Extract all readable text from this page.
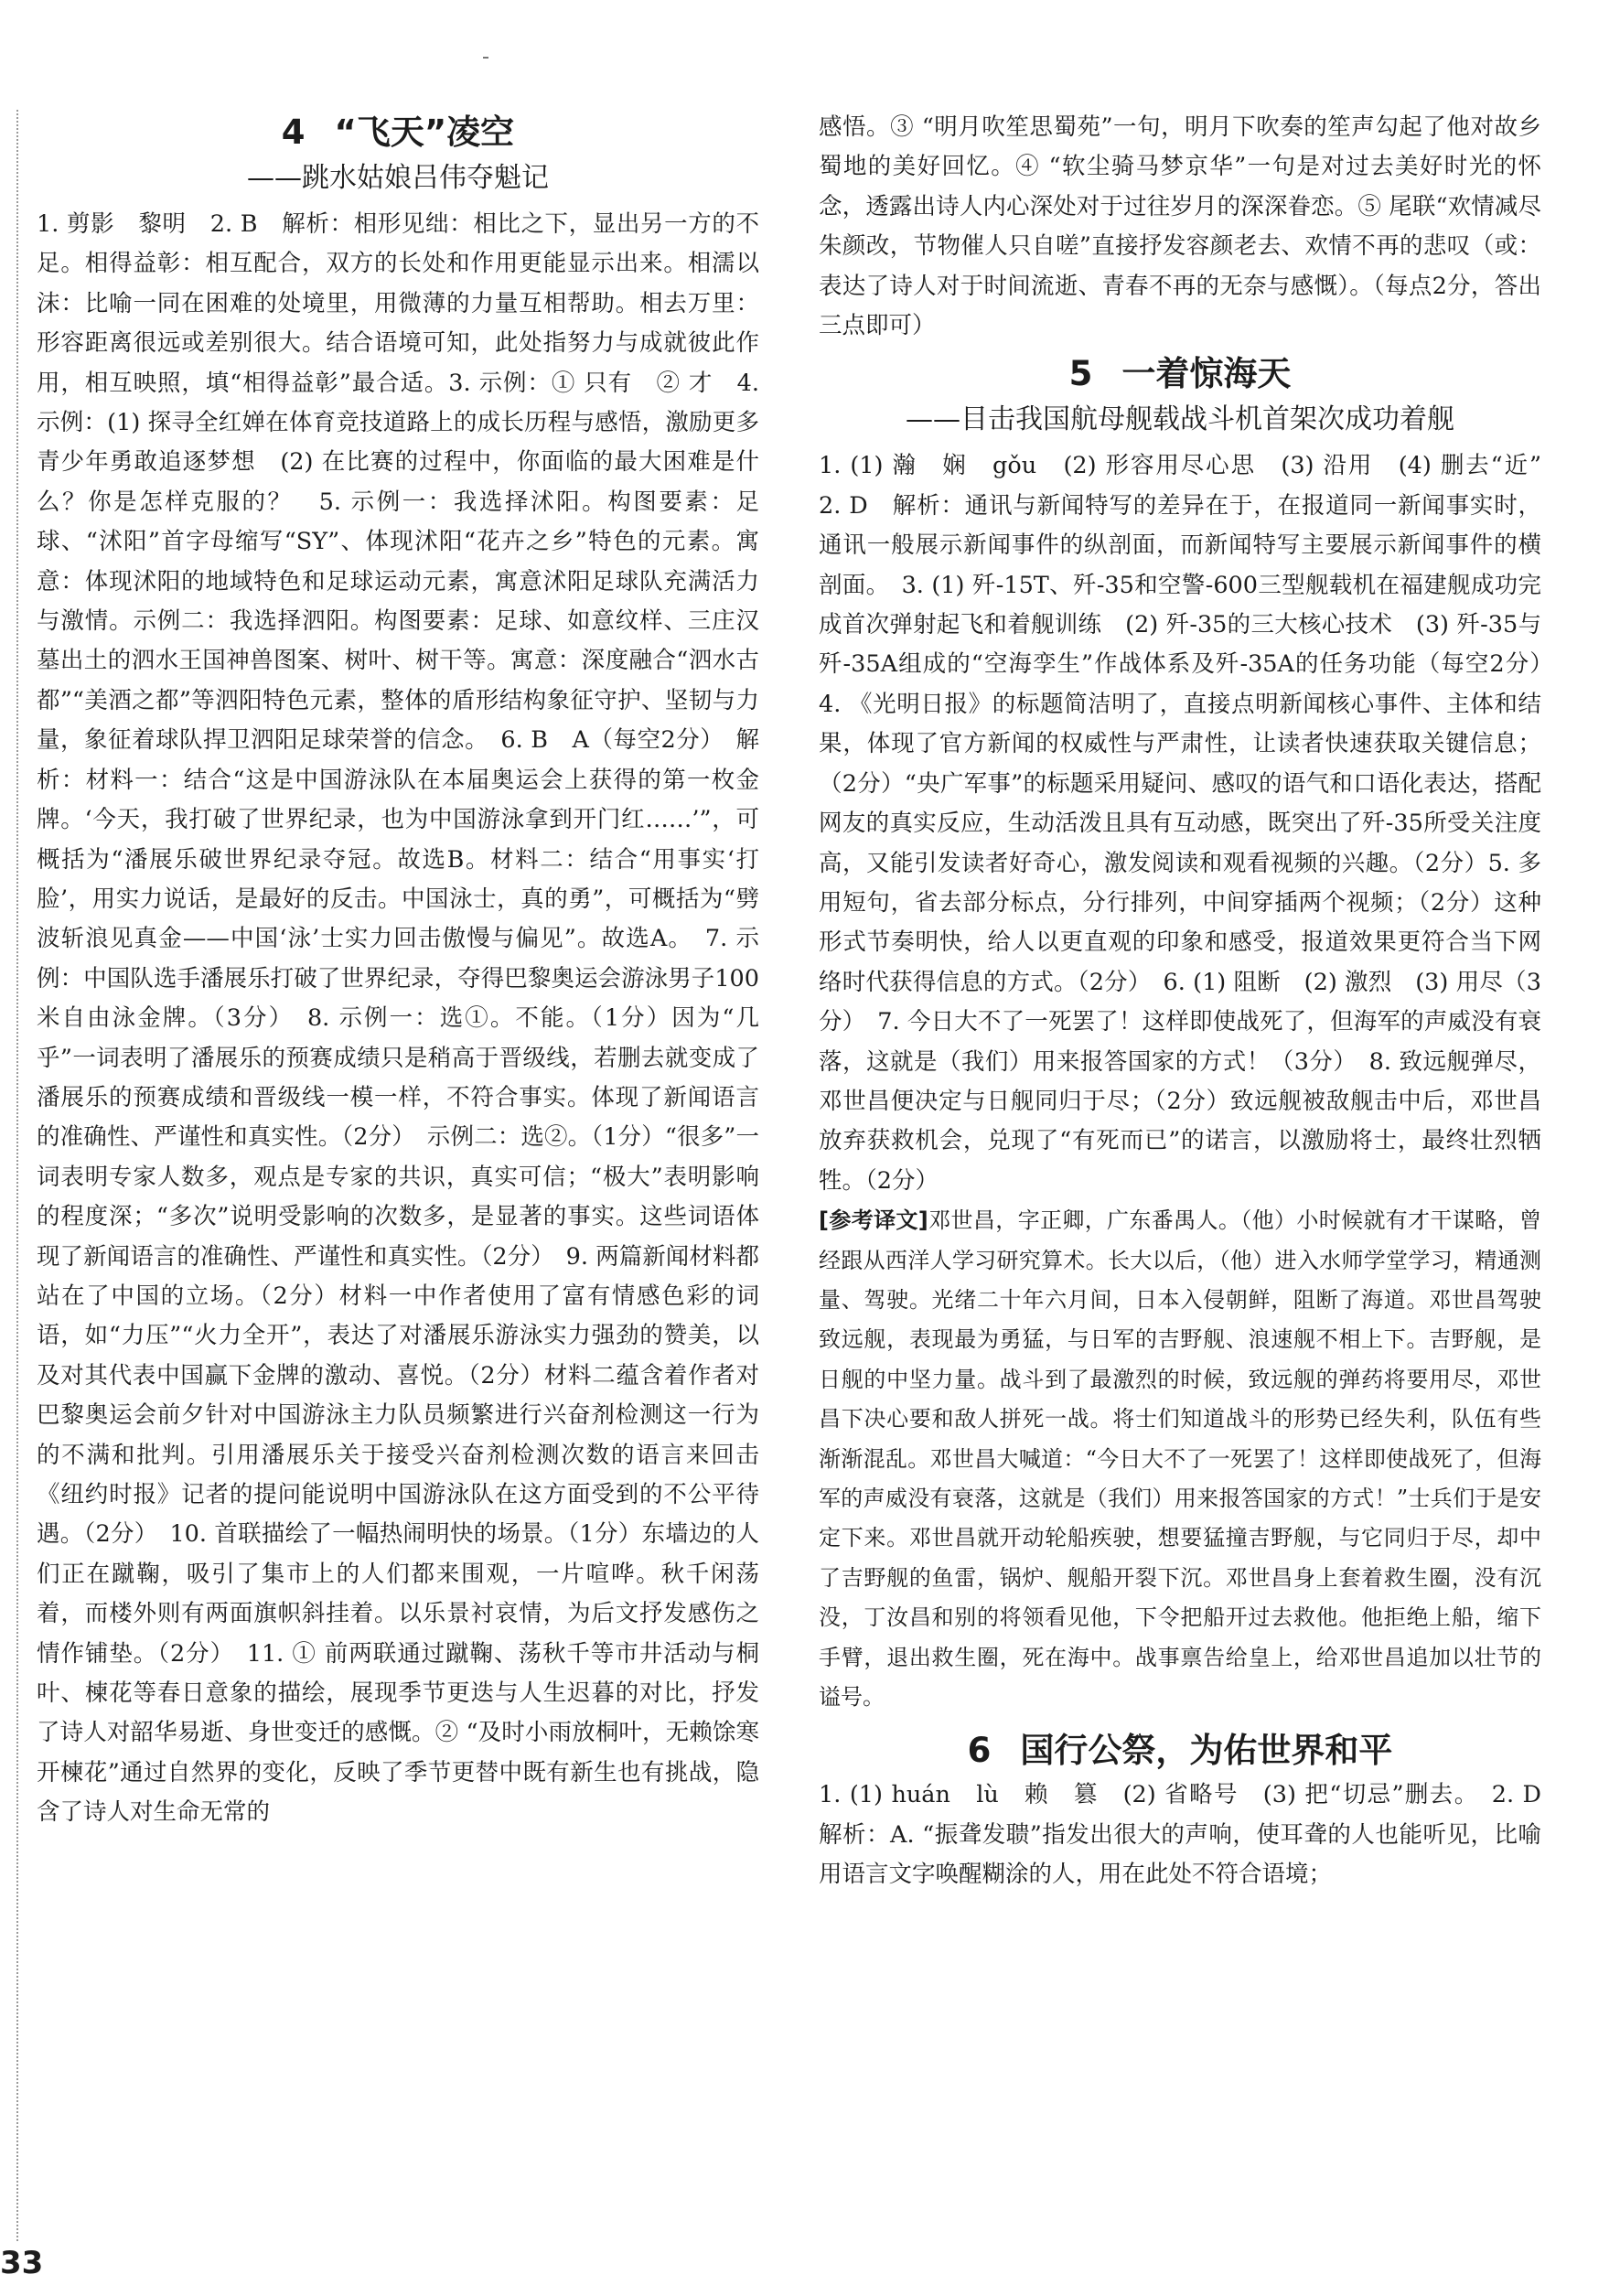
4 “飞天”凌空
——跳水姑娘吕伟夺魁记

1. 剪影　黎明　2. B　解析：相形见绌：相比之下，显出另一方的不足。相得益彰：相互配合，双方的长处和作用更能显示出来。相濡以沫：比喻一同在困难的处境里，用微薄的力量互相帮助。相去万里：形容距离很远或差别很大。结合语境可知，此处指努力与成就彼此作用，相互映照，填“相得益彰”最合适。3. 示例：① 只有　② 才　4. 示例：(1) 探寻全红婵在体育竞技道路上的成长历程与感悟，激励更多青少年勇敢追逐梦想　(2) 在比赛的过程中，你面临的最大困难是什么？你是怎样克服的？　5. 示例一：我选择沭阳。构图要素：足球、“沭阳”首字母缩写“SY”、体现沭阳“花卉之乡”特色的元素。寓意：体现沭阳的地域特色和足球运动元素，寓意沭阳足球队充满活力与激情。示例二：我选择泗阳。构图要素：足球、如意纹样、三庄汉墓出土的泗水王国神兽图案、树叶、树干等。寓意：深度融合“泗水古都”“美酒之都”等泗阳特色元素，整体的盾形结构象征守护、坚韧与力量，象征着球队捍卫泗阳足球荣誉的信念。　6. B　A（每空2分）　解析：材料一：结合“这是中国游泳队在本届奥运会上获得的第一枚金牌。‘今天，我打破了世界纪录，也为中国游泳拿到开门红……’”，可概括为“潘展乐破世界纪录夺冠。故选B。材料二：结合“用事实‘打脸’，用实力说话，是最好的反击。中国泳士，真的勇”，可概括为“劈波斩浪见真金——中国‘泳’士实力回击傲慢与偏见”。故选A。　7. 示例：中国队选手潘展乐打破了世界纪录，夺得巴黎奥运会游泳男子100米自由泳金牌。（3分）　8. 示例一：选①。不能。（1分）因为“几乎”一词表明了潘展乐的预赛成绩只是稍高于晋级线，若删去就变成了潘展乐的预赛成绩和晋级线一模一样，不符合事实。体现了新闻语言的准确性、严谨性和真实性。（2分）　示例二：选②。（1分）“很多”一词表明专家人数多，观点是专家的共识，真实可信；“极大”表明影响的程度深；“多次”说明受影响的次数多，是显著的事实。这些词语体现了新闻语言的准确性、严谨性和真实性。（2分）　9. 两篇新闻材料都站在了中国的立场。（2分）材料一中作者使用了富有情感色彩的词语，如“力压”“火力全开”，表达了对潘展乐游泳实力强劲的赞美，以及对其代表中国赢下金牌的激动、喜悦。（2分）材料二蕴含着作者对巴黎奥运会前夕针对中国游泳主力队员频繁进行兴奋剂检测这一行为的不满和批判。引用潘展乐关于接受兴奋剂检测次数的语言来回击《纽约时报》记者的提问能说明中国游泳队在这方面受到的不公平待遇。（2分）　10. 首联描绘了一幅热闹明快的场景。（1分）东墙边的人们正在蹴鞠，吸引了集市上的人们都来围观，一片喧哗。秋千闲荡着，而楼外则有两面旗帜斜挂着。以乐景衬哀情，为后文抒发感伤之情作铺垫。（2分）　11. ① 前两联通过蹴鞠、荡秋千等市井活动与桐叶、楝花等春日意象的描绘，展现季节更迭与人生迟暮的对比，抒发了诗人对韶华易逝、身世变迁的感慨。② “及时小雨放桐叶，无赖馀寒开楝花”通过自然界的变化，反映了季节更替中既有新生也有挑战，隐含了诗人对生命无常的

感悟。③ “明月吹笙思蜀苑”一句，明月下吹奏的笙声勾起了他对故乡蜀地的美好回忆。④ “软尘骑马梦京华”一句是对过去美好时光的怀念，透露出诗人内心深处对于过往岁月的深深眷恋。⑤ 尾联“欢情减尽朱颜改，节物催人只自嗟”直接抒发容颜老去、欢情不再的悲叹（或：表达了诗人对于时间流逝、青春不再的无奈与感慨）。（每点2分，答出三点即可）

5 一着惊海天
——目击我国航母舰载战斗机首架次成功着舰

1. (1) 瀚　娴　gǒu　(2) 形容用尽心思　(3) 沿用　(4) 删去“近”　2. D　解析：通讯与新闻特写的差异在于，在报道同一新闻事实时，通讯一般展示新闻事件的纵剖面，而新闻特写主要展示新闻事件的横剖面。　3. (1) 歼-15T、歼-35和空警-600三型舰载机在福建舰成功完成首次弹射起飞和着舰训练　(2) 歼-35的三大核心技术　(3) 歼-35与歼-35A组成的“空海孪生”作战体系及歼-35A的任务功能（每空2分）　4. 《光明日报》的标题简洁明了，直接点明新闻核心事件、主体和结果，体现了官方新闻的权威性与严肃性，让读者快速获取关键信息；（2分）“央广军事”的标题采用疑问、感叹的语气和口语化表达，搭配网友的真实反应，生动活泼且具有互动感，既突出了歼-35所受关注度高，又能引发读者好奇心，激发阅读和观看视频的兴趣。（2分）5. 多用短句，省去部分标点，分行排列，中间穿插两个视频；（2分）这种形式节奏明快，给人以更直观的印象和感受，报道效果更符合当下网络时代获得信息的方式。（2分）　6. (1) 阻断　(2) 激烈　(3) 用尽（3分）　7. 今日大不了一死罢了！这样即使战死了，但海军的声威没有衰落，这就是（我们）用来报答国家的方式！（3分）　8. 致远舰弹尽，邓世昌便决定与日舰同归于尽；（2分）致远舰被敌舰击中后，邓世昌放弃获救机会，兑现了“有死而已”的诺言，以激励将士，最终壮烈牺牲。（2分）

[参考译文]邓世昌，字正卿，广东番禺人。（他）小时候就有才干谋略，曾经跟从西洋人学习研究算术。长大以后，（他）进入水师学堂学习，精通测量、驾驶。光绪二十年六月间，日本入侵朝鲜，阻断了海道。邓世昌驾驶致远舰，表现最为勇猛，与日军的吉野舰、浪速舰不相上下。吉野舰，是日舰的中坚力量。战斗到了最激烈的时候，致远舰的弹药将要用尽，邓世昌下决心要和敌人拼死一战。将士们知道战斗的形势已经失利，队伍有些渐渐混乱。邓世昌大喊道：“今日大不了一死罢了！这样即使战死了，但海军的声威没有衰落，这就是（我们）用来报答国家的方式！”士兵们于是安定下来。邓世昌就开动轮船疾驶，想要猛撞吉野舰，与它同归于尽，却中了吉野舰的鱼雷，锅炉、舰船开裂下沉。邓世昌身上套着救生圈，没有沉没，丁汝昌和别的将领看见他，下令把船开过去救他。他拒绝上船，缩下手臂，退出救生圈，死在海中。战事禀告给皇上，给邓世昌追加以壮节的谥号。

6 国行公祭，为佑世界和平

1. (1) huán　lù　赖　篡　(2) 省略号　(3) 把“切忌”删去。　2. D　解析：A. “振聋发聩”指发出很大的声响，使耳聋的人也能听见，比喻用语言文字唤醒糊涂的人，用在此处不符合语境；

33
